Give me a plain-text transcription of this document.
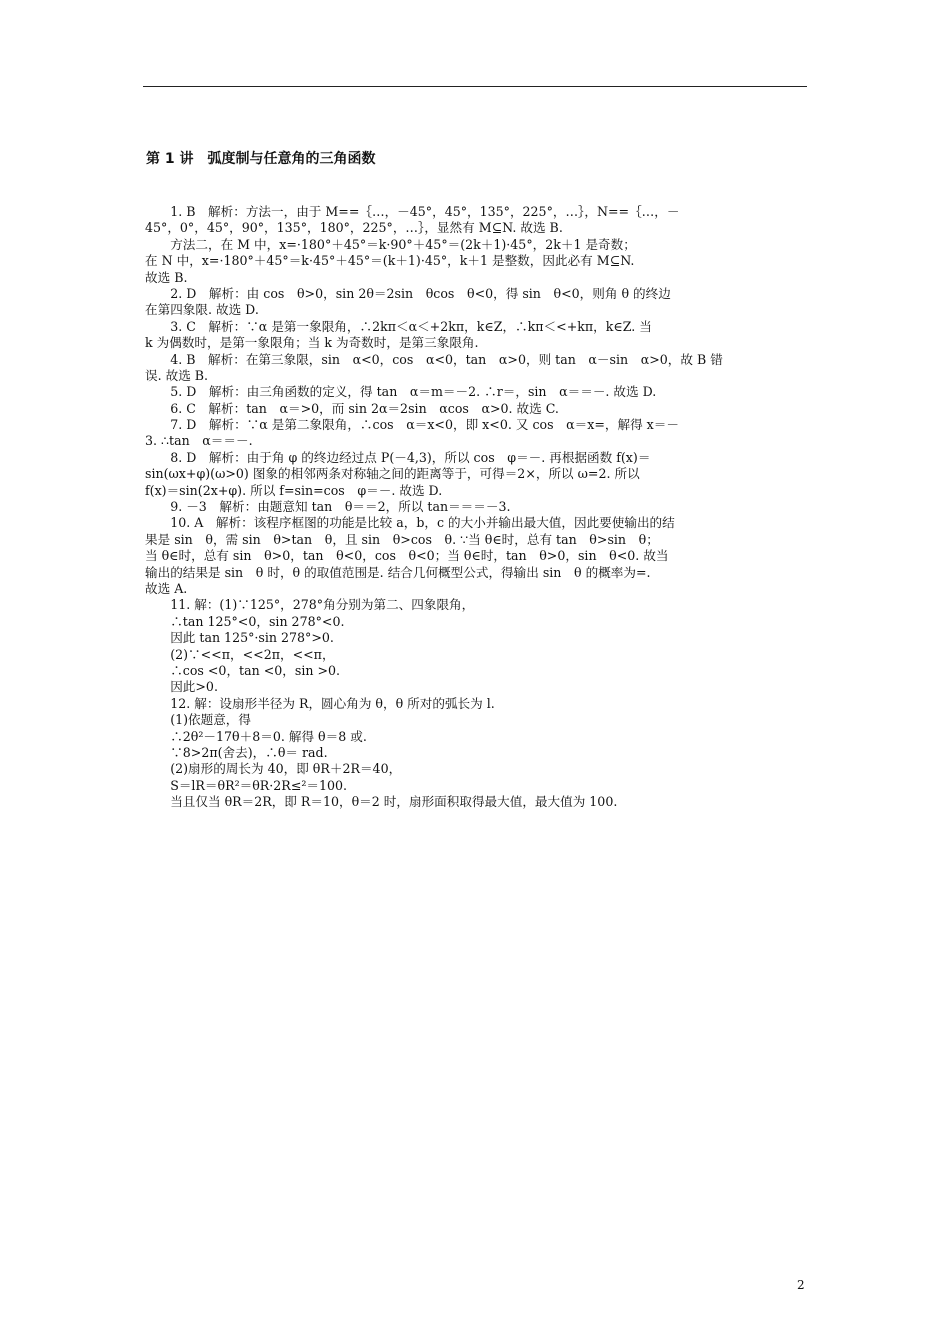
第 1 讲　弧度制与任意角的三角函数
　　1. B　解析：方法一，由于 M==｛…，－45°，45°，135°，225°，…｝，N==｛…，－
45°，0°，45°，90°，135°，180°，225°，…｝，显然有 M⊆N. 故选 B.
　　方法二，在 M 中，x=·180°＋45°＝k·90°＋45°＝(2k＋1)·45°，2k＋1 是奇数；
在 N 中，x=·180°＋45°＝k·45°＋45°＝(k＋1)·45°，k＋1 是整数，因此必有 M⊆N.
故选 B.
　　2. D　解析：由 cos　θ>0，sin 2θ＝2sin　θcos　θ<0，得 sin　θ<0，则角 θ 的终边
在第四象限. 故选 D.
　　3. C　解析：∵α 是第一象限角，∴2kπ＜α＜+2kπ，k∈Z，∴kπ＜<+kπ，k∈Z. 当
k 为偶数时，是第一象限角；当 k 为奇数时，是第三象限角.
　　4. B　解析：在第三象限，sin　α<0，cos　α<0，tan　α>0，则 tan　α－sin　α>0，故 B 错
误. 故选 B.
　　5. D　解析：由三角函数的定义，得 tan　α＝m＝－2. ∴r＝，sin　α＝＝－. 故选 D.
　　6. C　解析：tan　α＝>0，而 sin 2α＝2sin　αcos　α>0. 故选 C.
　　7. D　解析：∵α 是第二象限角，∴cos　α＝x<0，即 x<0. 又 cos　α＝x=，解得 x＝－
3. ∴tan　α＝＝－.
　　8. D　解析：由于角 φ 的终边经过点 P(－4,3)，所以 cos　φ＝－. 再根据函数 f(x)＝
sin(ωx+φ)(ω>0) 图象的相邻两条对称轴之间的距离等于，可得＝2×，所以 ω=2. 所以
f(x)＝sin(2x+φ). 所以 f=sin=cos　φ＝－. 故选 D.
　　9. －3　解析：由题意知 tan　θ＝＝2，所以 tan＝＝＝－3.
　　10. A　解析：该程序框图的功能是比较 a，b，c 的大小并输出最大值，因此要使输出的结
果是 sin　θ，需 sin　θ>tan　θ，且 sin　θ>cos　θ. ∵当 θ∈时，总有 tan　θ>sin　θ；
当 θ∈时，总有 sin　θ>0，tan　θ<0，cos　θ<0；当 θ∈时，tan　θ>0，sin　θ<0. 故当
输出的结果是 sin　θ 时，θ 的取值范围是. 结合几何概型公式，得输出 sin　θ 的概率为=.
故选 A.
　　11. 解：(1)∵125°，278°角分别为第二、四象限角，
　　∴tan 125°<0，sin 278°<0.
　　因此 tan 125°·sin 278°>0.
　　(2)∵<<π，<<2π，<<π，
　　∴cos <0，tan <0，sin >0.
　　因此>0.
　　12. 解：设扇形半径为 R，圆心角为 θ，θ 所对的弧长为 l.
　　(1)依题意，得
　　∴2θ²－17θ＋8＝0. 解得 θ＝8 或.
　　∵8>2π(舍去)，∴θ＝ rad.
　　(2)扇形的周长为 40，即 θR＋2R＝40，
　　S＝lR＝θR²＝θR·2R≤²＝100.
　　当且仅当 θR＝2R，即 R＝10，θ＝2 时，扇形面积取得最大值，最大值为 100.
2
